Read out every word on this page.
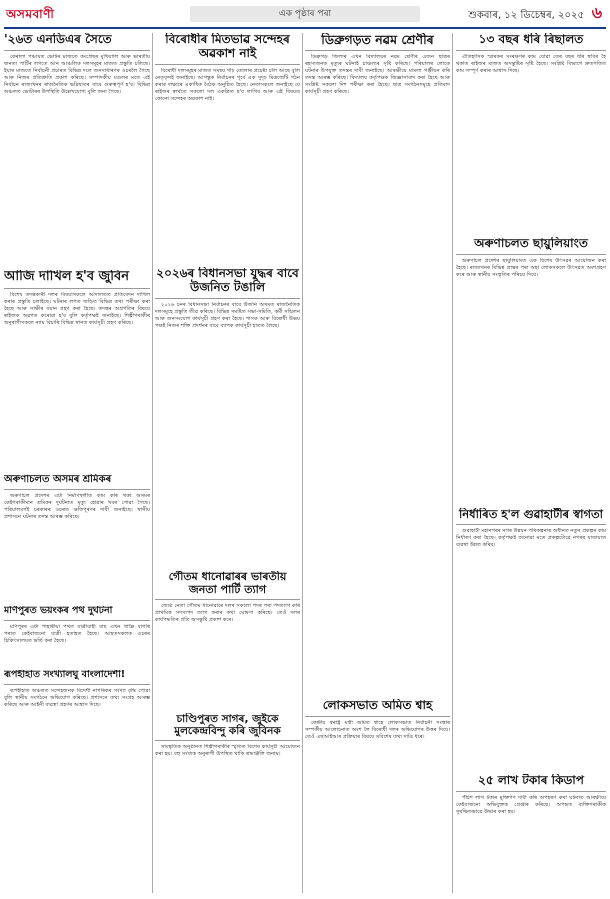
অসমবাণী	এক পৃষ্ঠাৰ পৰা	শুকবাৰ, ১২ ডিচেম্বৰ, ২০২৫ ৬
'২৬ত এনডিএৰ সৈতে

কেৰালা পঞ্চায়ত ভোটৰ মাজতে কংগ্ৰেছৰ মুখিয়ালি আৰু ভাৰতীয় জনতা পাৰ্টিৰ লগতে আন আঞ্চলিক দলসমূহৰ মাজত প্ৰস্তুতি চলিছে। ইয়াৰ মাজতে নিৰ্বাচনী প্ৰচাৰত বিভিন্ন দলে জনসাধাৰণৰ ওচৰলৈ গৈছে আৰু নিজৰ প্ৰতিশ্ৰুতি প্ৰকাশ কৰিছে। সম্পাদকীয় মণ্ডলৰ মতে এই নিৰ্বাচন ৰাজ্যখনৰ ৰাজনৈতিক ভৱিষ্যতৰ বাবে গুৰুত্বপূৰ্ণ হ'ব। বিভিন্ন অঞ্চলত ভোটাৰৰ উপস্থিতি উল্লেখযোগ্য বুলি জনা গৈছে।

আজি দাখিল হ'ব জুবিন

বিশেষ তদন্তকাৰী দলৰ বিষয়াসকলে আদালতত প্ৰতিবেদন দাখিল কৰাৰ প্ৰস্তুতি চলাইছে। ঘটনাৰ লগত জড়িত বিভিন্ন তথ্য পৰীক্ষা কৰা হৈছে আৰু সাক্ষীৰ বয়ান গ্ৰহণ কৰা হৈছে। তদন্তৰ অগ্ৰগতিৰ বিষয়ে ৰাইজক অৱগত কৰোৱা হ'ব বুলি কৰ্তৃপক্ষই জনাইছে। শিল্পীগৰাকীৰ অনুৰাগীসকলে ন্যায় বিচাৰি বিভিন্ন স্থানত কাৰ্যসূচী গ্ৰহণ কৰিছে।

অৰুণাচলত অসমৰ শ্ৰমিকৰ

অৰুণাচল প্ৰদেশৰ এটা নিৰ্মাণস্থলীত কাম কৰি থকা অসমৰ কেইগৰাকীমান শ্ৰমিকৰ দুৰ্ঘটনাত মৃত্যু হোৱাৰ খবৰ পোৱা গৈছে। পৰিয়ালবৰ্গই চৰকাৰৰ ওচৰত ক্ষতিপূৰণৰ দাবী জনাইছে। স্থানীয় প্ৰশাসনে ঘটনাৰ তদন্ত আৰম্ভ কৰিছে।

মণিপুৰত ভয়ংকৰ পথ দুৰ্ঘটনা

মণিপুৰৰ এটা পাহাৰীয়া পথত যাত্ৰীবাহী বাছ এখন খাল্লৈ বাগৰি পৰাত কেইবাজনো যাত্ৰী হতাহত হৈছে। আহতসকলক ওচৰৰ চিকিৎসালয়ত ভৰ্তি কৰা হৈছে।

ৰূপহীহাত সংখ্যালঘু বাংলাদেশী!

ৰূপহীহাত অঞ্চলত সন্দেহজনক বিদেশী নাগৰিকৰ সংখ্যা বৃদ্ধি পোৱা বুলি স্থানীয় সংগঠনে অভিযোগ কৰিছে। প্ৰশাসনে তথ্য সংগ্ৰহ আৰম্ভ কৰিছে আৰু আইনী ব্যৱস্থা গ্ৰহণৰ আশ্বাস দিছে।

বিৰোধীৰ মিতভাৱ সন্দেহৰ অৱকাশ নাই

বিৰোধী দলসমূহৰ মাজত সমন্বয় গঢ়ি তোলাৰ প্ৰচেষ্টা চলি আছে বুলি নেতৃবৃন্দই জনাইছে। আগন্তুক নিৰ্বাচনৰ পূৰ্বে এক সুদৃঢ় মিত্ৰজোঁট গঠন কৰাৰ লক্ষ্যৰে একাধিক বৈঠক অনুষ্ঠিত হৈছে। নেতাসকলে জনাইছে যে ৰাইজৰ স্বাৰ্থতে সকলো দল একত্ৰিত হ'ব লাগিব আৰু এই বিষয়ত কোনো সন্দেহৰ অৱকাশ নাই।

২০২৬ৰ বিধানসভা যুদ্ধৰ বাবে উজনিত টঙালি

২০২৬ চনৰ বিধানসভা নিৰ্বাচনৰ বাবে উজনি অসমত ৰাজনৈতিক দলসমূহে প্ৰস্তুতি তীব্ৰ কৰিছে। বিভিন্ন সমষ্টিত সভা-সমিতি, কৰ্মী সন্মিলন আৰু জনসংযোগ কাৰ্যসূচী গ্ৰহণ কৰা হৈছে। শাসক আৰু বিৰোধী উভয় পক্ষই নিজৰ শক্তি প্ৰদৰ্শনৰ বাবে ব্যাপক কাৰ্যসূচী হাতত লৈছে।

গৌতম ধানোৱাৰৰ ভাৰতীয় জনতা পাৰ্টি ত্যাগ

জ্যেষ্ঠ নেতা গৌতম ধানোৱাৰে দলৰ সকলো পদৰ পৰা পদত্যাগ কৰি প্ৰাথমিক সদস্যপদ ত্যাগ কৰাৰ কথা ঘোষণা কৰিছে। তেওঁ দলৰ কাৰ্যপদ্ধতিৰ প্ৰতি অসন্তুষ্টি প্ৰকাশ কৰে।

চাণ্ডিপুৰত সাগৰ, জুইকে মুলকেন্দ্ৰবিন্দু কৰি জুবিনক

সাংস্কৃতিক অনুষ্ঠানত শিল্পীগৰাকীৰ স্মৃতিত বিশেষ কাৰ্যসূচী আয়োজন কৰা হয়। বহু সংখ্যক অনুৰাগী উপস্থিত থাকি শ্ৰদ্ধাঞ্জলি জনায়।

ডিব্ৰুগড়ত নৱম শ্ৰেণীৰ

ডিব্ৰুগড় জিলাৰ এখন বিদ্যালয়ৰ নৱম শ্ৰেণীৰ এজন ছাত্ৰৰ ৰহস্যজনক মৃত্যুৰ ঘটনাই চাঞ্চল্যৰ সৃষ্টি কৰিছে। পৰিয়ালৰ লোকে ঘটনাৰ উপযুক্ত তদন্তৰ দাবী জনাইছে। আৰক্ষীয়ে মামলা পঞ্জীয়ন কৰি তদন্ত আৰম্ভ কৰিছে। বিদ্যালয় কৰ্তৃপক্ষক জিজ্ঞাসাবাদ কৰা হৈছে আৰু সংশ্লিষ্ট সকলো দিশ পৰীক্ষা কৰা হৈছে। ছাত্ৰ সংগঠনসমূহে প্ৰতিবাদ কাৰ্যসূচী গ্ৰহণ কৰিছে।

লোকসভাত অমিত শ্বাহ

কেন্দ্ৰীয় স্বৰাষ্ট্ৰ মন্ত্ৰী অমিত শ্বাহে লোকসভাত নিৰ্বাচনী সংস্কাৰ সম্পৰ্কীয় আলোচনাত অংশ লৈ বিৰোধী দলৰ অভিযোগৰ উত্তৰ দিয়ে। তেওঁ এছআইআৰ প্ৰক্ৰিয়াৰ বিষয়ে সবিশেষ তথ্য দাঙি ধৰে।

১৩ বছৰ ধৰি ৰিছালত

ঐতিহাসিক স্মাৰকৰ সংৰক্ষণৰ কাম যোৱা তেৰ বছৰ ধৰি স্থবিৰ হৈ থকাত ৰাইজৰ মাজত অসন্তুষ্টিৰ সৃষ্টি হৈছে। সংশ্লিষ্ট বিভাগে দ্ৰুতগতিত কাম সম্পূৰ্ণ কৰাৰ আশ্বাস দিছে।

অৰুণাচলত ছায়ুলিয়াংত

অৰুণাচল প্ৰদেশৰ ছায়ুলিয়াংত এক বিশেষ উৎসৱৰ আয়োজন কৰা হৈছে। ৰাজ্যখনৰ বিভিন্ন প্ৰান্তৰ পৰা অহা লোকসকলে উৎসৱত অংশগ্ৰহণ কৰে আৰু স্থানীয় সংস্কৃতিৰ পৰিচয় দিয়ে।

নিৰ্ধাৰিত হ'ল গুৱাহাটীৰ স্বাগতা

গুৱাহাটী মহানগৰৰ নগৰ উন্নয়ন পৰিকল্পনাৰ অধীনত নতুন প্ৰকল্পৰ কাম নিৰ্ধাৰণ কৰা হৈছে। কৰ্তৃপক্ষই জনোৱা মতে প্ৰকল্পটোৱে নগৰৰ যাতায়াত ব্যৱস্থা উন্নত কৰিব।

২৫ লাখ টকাৰ কিডাপ

পঁচিশ লাখ টকাৰ মুক্তিপণ দাবী কৰি অপহৰণ কৰা ঘটনাত আৰক্ষীয়ে কেইবাজনো অভিযুক্তক গ্ৰেপ্তাৰ কৰিছে। অপহৃত ব্যক্তিগৰাকীক সুৰক্ষিতভাৱে উদ্ধাৰ কৰা হয়।
